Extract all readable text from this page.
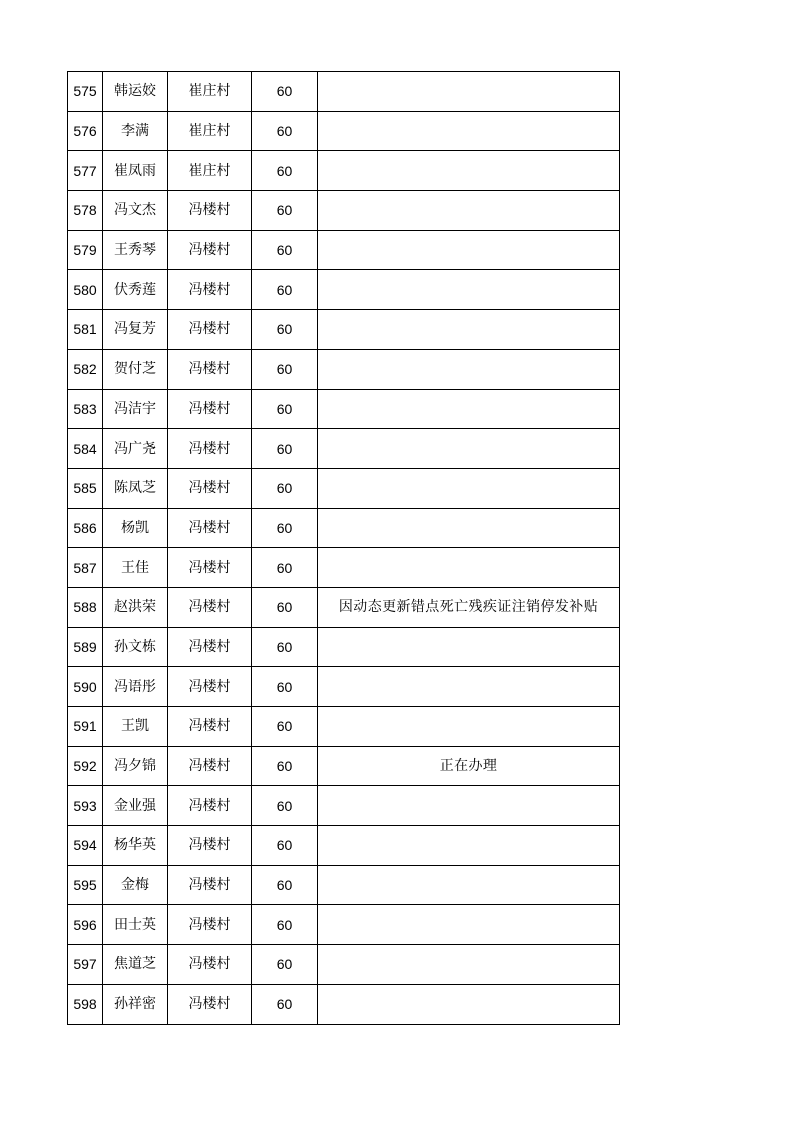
575	韩运姣	崔庄村	60	
576	李满	崔庄村	60	
577	崔凤雨	崔庄村	60	
578	冯文杰	冯楼村	60	
579	王秀琴	冯楼村	60	
580	伏秀莲	冯楼村	60	
581	冯复芳	冯楼村	60	
582	贺付芝	冯楼村	60	
583	冯洁宇	冯楼村	60	
584	冯广尧	冯楼村	60	
585	陈凤芝	冯楼村	60	
586	杨凯	冯楼村	60	
587	王佳	冯楼村	60	
588	赵洪荣	冯楼村	60	因动态更新错点死亡残疾证注销停发补贴
589	孙文栋	冯楼村	60	
590	冯语彤	冯楼村	60	
591	王凯	冯楼村	60	
592	冯夕锦	冯楼村	60	正在办理
593	金业强	冯楼村	60	
594	杨华英	冯楼村	60	
595	金梅	冯楼村	60	
596	田士英	冯楼村	60	
597	焦道芝	冯楼村	60	
598	孙祥密	冯楼村	60	
